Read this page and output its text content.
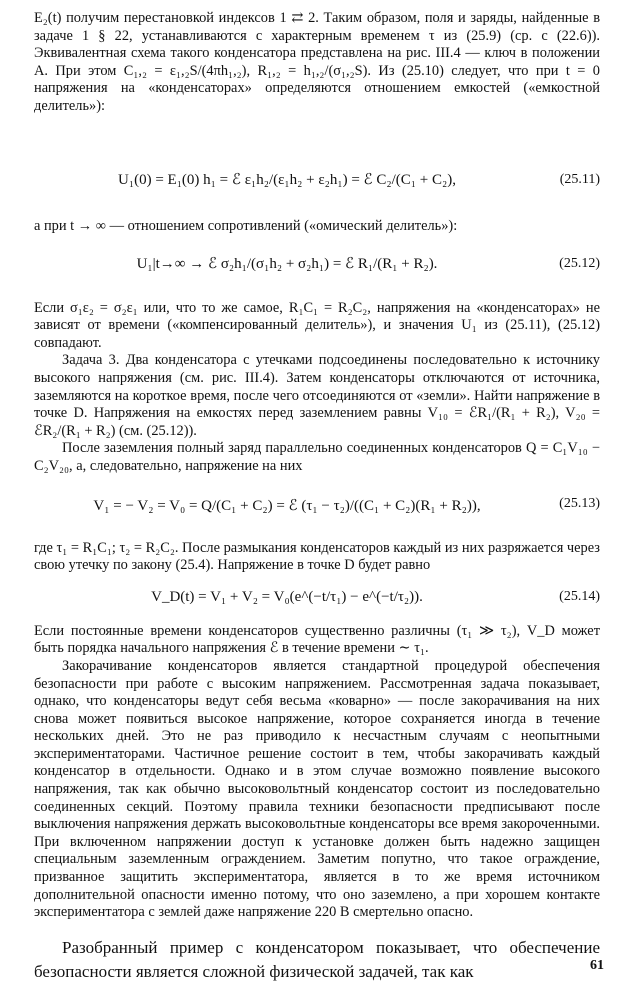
E₂(t) получим перестановкой индексов 1 ⇄ 2. Таким образом, поля и заряды, найденные в задаче 1 § 22, устанавливаются с характерным временем τ из (25.9) (ср. с (22.6)). Эквивалентная схема такого конденсатора представлена на рис. III.4 — ключ в положении A. При этом C₁,₂ = ε₁,₂S/(4πh₁,₂), R₁,₂ = h₁,₂/(σ₁,₂S). Из (25.10) следует, что при t = 0 напряжения на «конденсаторах» определяются отношением емкостей («емкостной делитель»):

U₁(0) = E₁(0) h₁ = ℰ ε₁h₂/(ε₁h₂ + ε₂h₁) = ℰ C₂/(C₁ + C₂),	(25.11)

а при t → ∞ — отношением сопротивлений («омический делитель»):

U₁|t→∞ → ℰ σ₂h₁/(σ₁h₂ + σ₂h₁) = ℰ R₁/(R₁ + R₂).	(25.12)

Если σ₁ε₂ = σ₂ε₁ или, что то же самое, R₁C₁ = R₂C₂, напряжения на «конденсаторах» не зависят от времени («компенсированный делитель»), и значения U₁ из (25.11), (25.12) совпадают.

Задача 3. Два конденсатора с утечками подсоединены последовательно к источнику высокого напряжения (см. рис. III.4). Затем конденсаторы отключаются от источника, заземляются на короткое время, после чего отсоединяются от «земли». Найти напряжение в точке D. Напряжения на емкостях перед заземлением равны V₁₀ = ℰR₁/(R₁ + R₂), V₂₀ = ℰR₂/(R₁ + R₂) (см. (25.12)).

После заземления полный заряд параллельно соединенных конденсаторов Q = C₁V₁₀ − C₂V₂₀, а, следовательно, напряжение на них

V₁ = − V₂ = V₀ = Q/(C₁ + C₂) = ℰ (τ₁ − τ₂)/((C₁ + C₂)(R₁ + R₂)),	(25.13)

где τ₁ = R₁C₁; τ₂ = R₂C₂. После размыкания конденсаторов каждый из них разряжается через свою утечку по закону (25.4). Напряжение в точке D будет равно

V_D(t) = V₁ + V₂ = V₀(e^(−t/τ₁) − e^(−t/τ₂)).	(25.14)

Если постоянные времени конденсаторов существенно различны (τ₁ ≫ τ₂), V_D может быть порядка начального напряжения ℰ в течение времени ∼ τ₁.

Закорачивание конденсаторов является стандартной процедурой обеспечения безопасности при работе с высоким напряжением. Рассмотренная задача показывает, однако, что конденсаторы ведут себя весьма «коварно» — после закорачивания на них снова может появиться высокое напряжение, которое сохраняется иногда в течение нескольких дней. Это не раз приводило к несчастным случаям с неопытными экспериментаторами. Частичное решение состоит в тем, чтобы закорачивать каждый конденсатор в отдельности. Однако и в этом случае возможно появление высокого напряжения, так как обычно высоковольтный конденсатор состоит из последовательно соединенных секций. Поэтому правила техники безопасности предписывают после выключения напряжения держать высоковольтные конденсаторы все время закороченными. При включенном напряжении доступ к установке должен быть надежно защищен специальным заземленным ограждением. Заметим попутно, что такое ограждение, призванное защитить экспериментатора, является в то же время источником дополнительной опасности именно потому, что оно заземлено, а при хорошем контакте экспериментатора с землей даже напряжение 220 В смертельно опасно.

Разобранный пример с конденсатором показывает, что обеспечение безопасности является сложной физической задачей, так как	61
